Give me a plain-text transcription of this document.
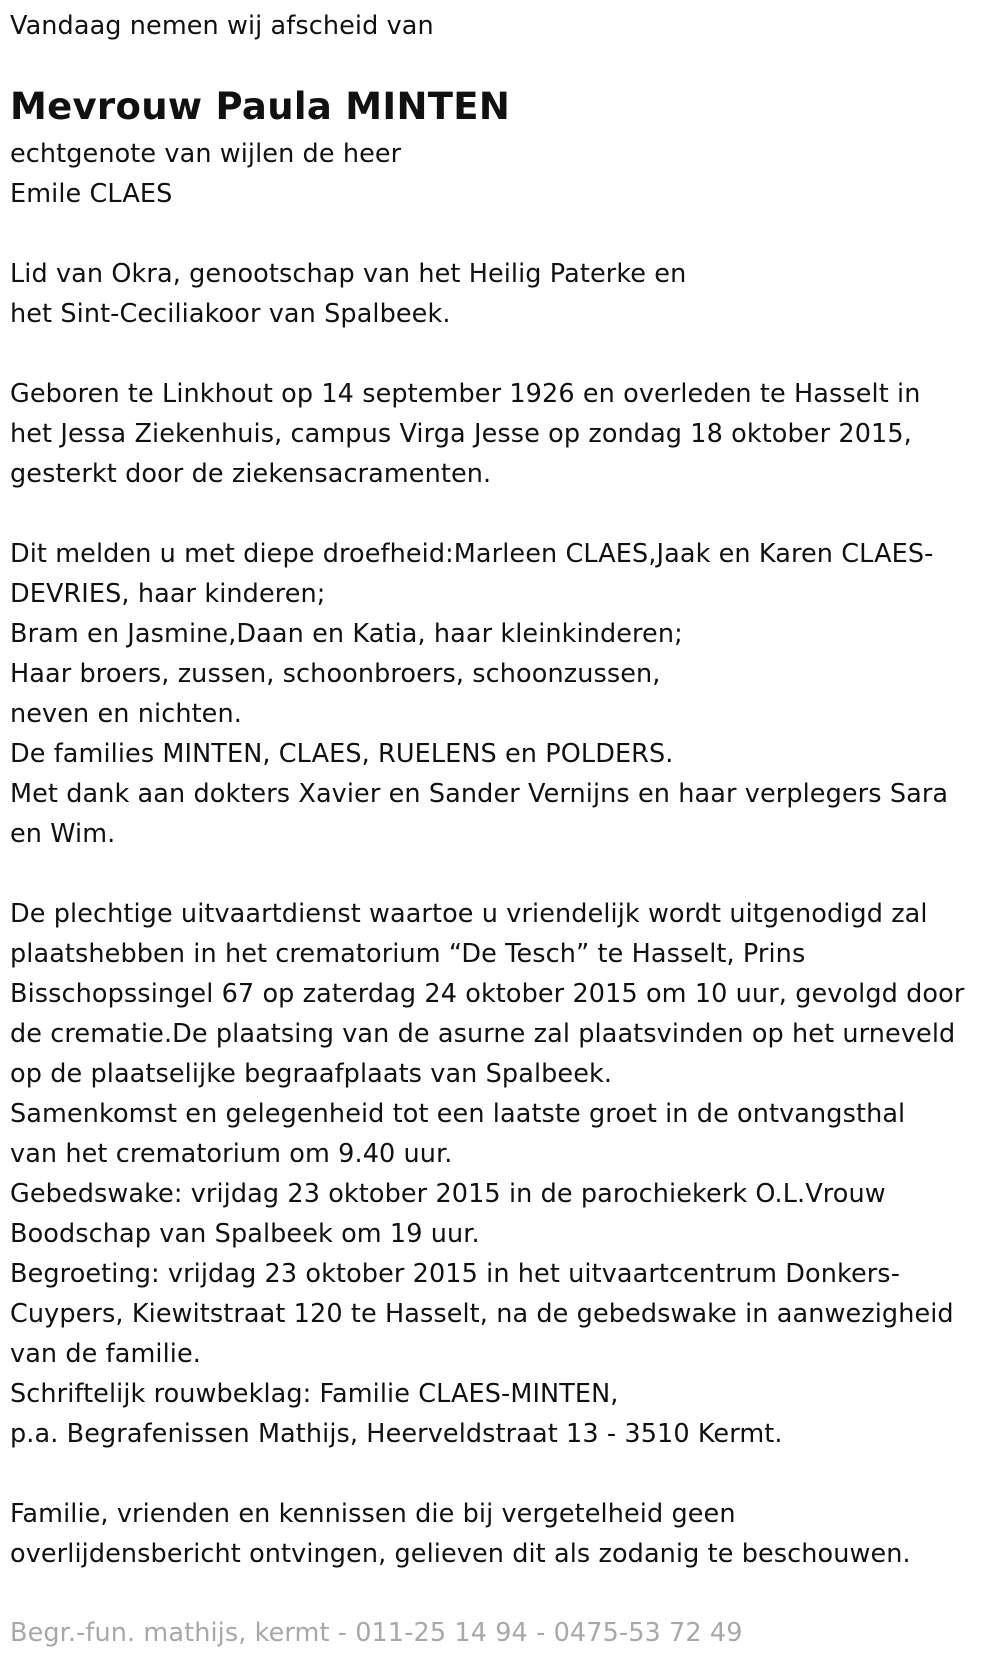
Vandaag nemen wij afscheid van
Mevrouw Paula MINTEN
echtgenote van wijlen de heer
Emile CLAES
Lid van Okra, genootschap van het Heilig Paterke en
het Sint-Ceciliakoor van Spalbeek.
Geboren te Linkhout op 14 september 1926 en overleden te Hasselt in
het Jessa Ziekenhuis, campus Virga Jesse op zondag 18 oktober 2015,
gesterkt door de ziekensacramenten.
Dit melden u met diepe droefheid:Marleen CLAES,Jaak en Karen CLAES-
DEVRIES, haar kinderen;
Bram en Jasmine,Daan en Katia, haar kleinkinderen;
Haar broers, zussen, schoonbroers, schoonzussen,
neven en nichten.
De families MINTEN, CLAES, RUELENS en POLDERS.
Met dank aan dokters Xavier en Sander Vernijns en haar verplegers Sara
en Wim.
De plechtige uitvaartdienst waartoe u vriendelijk wordt uitgenodigd zal
plaatshebben in het crematorium “De Tesch” te Hasselt, Prins
Bisschopssingel 67 op zaterdag 24 oktober 2015 om 10 uur, gevolgd door
de crematie.De plaatsing van de asurne zal plaatsvinden op het urneveld
op de plaatselijke begraafplaats van Spalbeek.
Samenkomst en gelegenheid tot een laatste groet in de ontvangsthal
van het crematorium om 9.40 uur.
Gebedswake: vrijdag 23 oktober 2015 in de parochiekerk O.L.Vrouw
Boodschap van Spalbeek om 19 uur.
Begroeting: vrijdag 23 oktober 2015 in het uitvaartcentrum Donkers-
Cuypers, Kiewitstraat 120 te Hasselt, na de gebedswake in aanwezigheid
van de familie.
Schriftelijk rouwbeklag: Familie CLAES-MINTEN,
p.a. Begrafenissen Mathijs, Heerveldstraat 13 - 3510 Kermt.
Familie, vrienden en kennissen die bij vergetelheid geen
overlijdensbericht ontvingen, gelieven dit als zodanig te beschouwen.
Begr.-fun. mathijs, kermt - 011-25 14 94 - 0475-53 72 49
